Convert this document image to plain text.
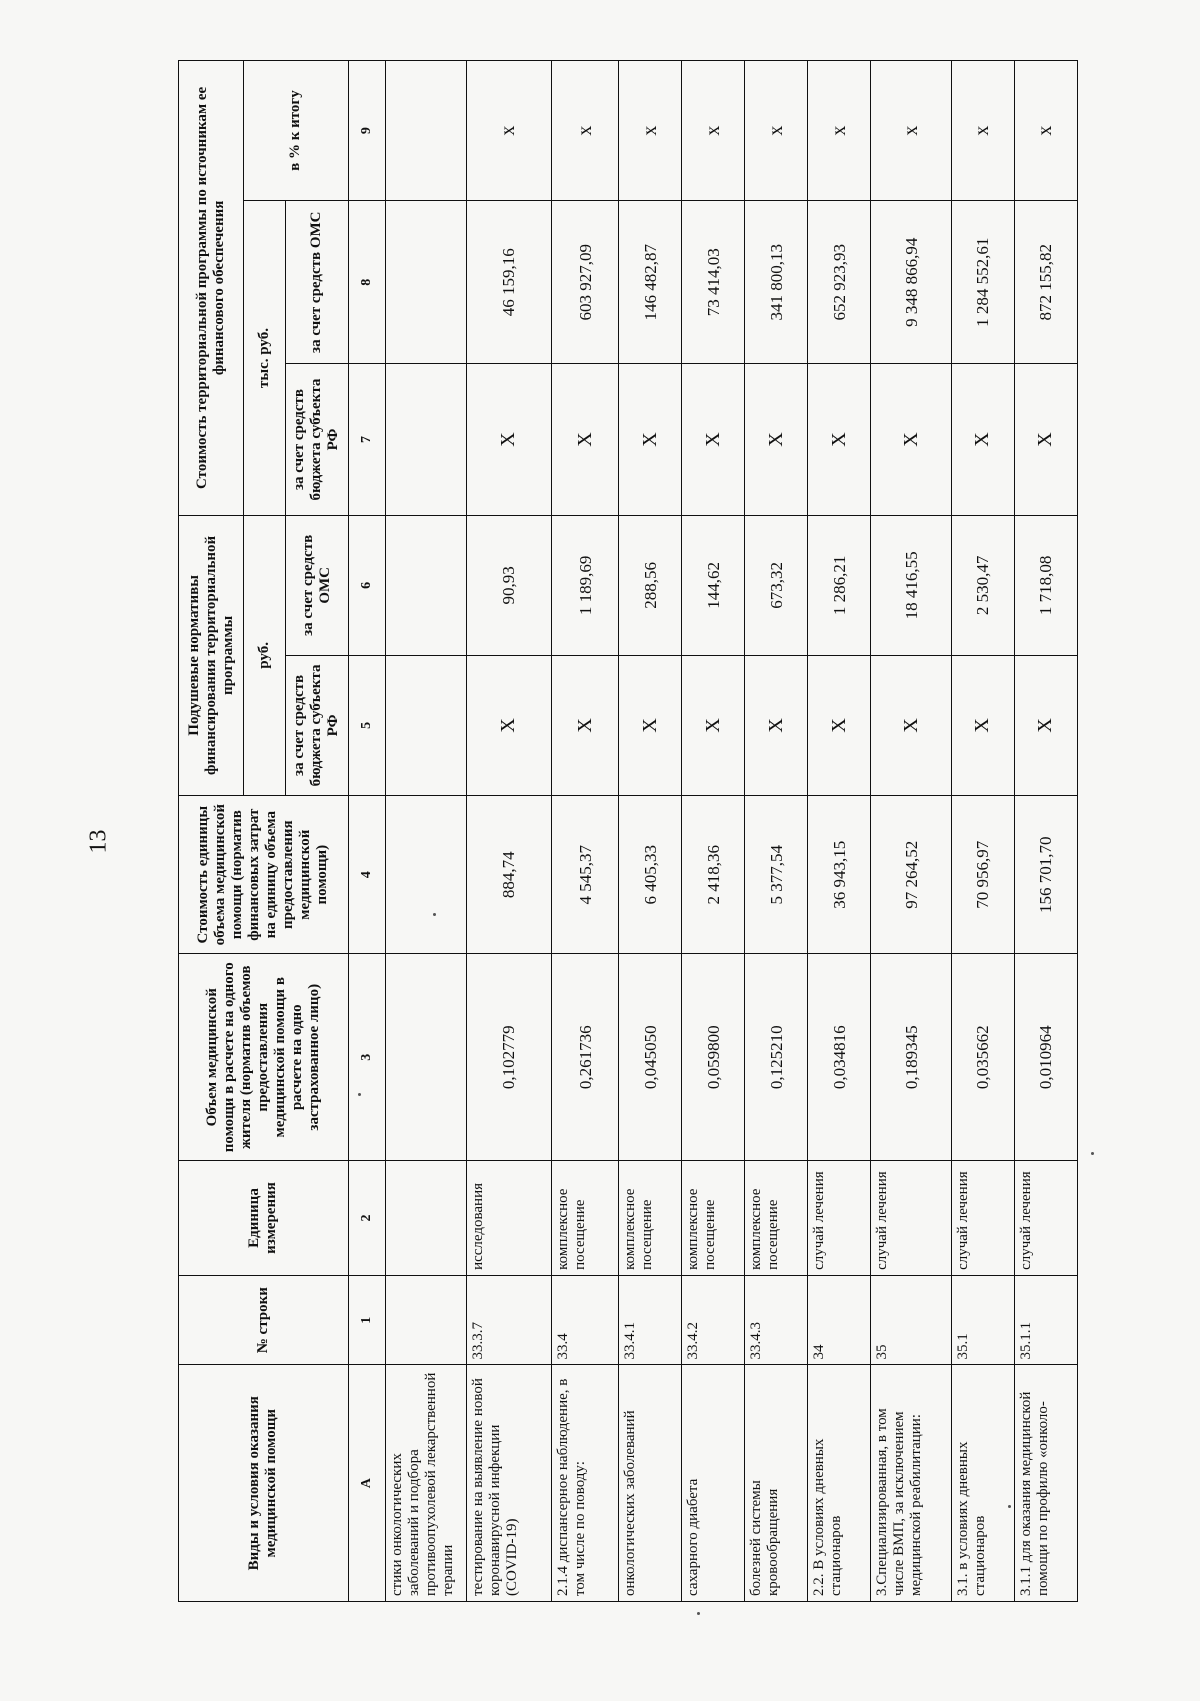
13
Виды и условия оказания медицинской помощи	№ строки	Единица измерения	Объем медицинской помощи в расчете на одного жителя (норматив объемов предоставления медицинской помощи в расчете на одно застрахованное лицо)	Стоимость единицы объема медицинской помощи (норматив финансовых затрат на единицу объема предоставления медицинской помощи)	Подушевые нормативы финансирования территориальной программы		Стоимость территориальной программы по источникам ее финансового обеспечения		
					руб.		тыс. руб.		в % к итогу
					за счет средств бюджета субъекта РФ	за счет средств ОМС	за счет средств бюджета субъекта РФ	за счет средств ОМС	
А	1	2	3	4	5	6	7	8	9
стики онкологических заболеваний и подбора противоопухолевой лекарственной терапии									
тестирование на выявление новой коронавирусной инфекции (COVID-19)	33.3.7	исследования	0,102779	884,74	Х	90,93	Х	46 159,16	х
2.1.4 диспансерное наблюдение, в том числе по поводу:	33.4	комплексное посещение	0,261736	4 545,37	Х	1 189,69	Х	603 927,09	х
онкологических заболеваний	33.4.1	комплексное посещение	0,045050	6 405,33	Х	288,56	Х	146 482,87	х
сахарного диабета	33.4.2	комплексное посещение	0,059800	2 418,36	Х	144,62	Х	73 414,03	х
болезней системы кровообращения	33.4.3	комплексное посещение	0,125210	5 377,54	Х	673,32	Х	341 800,13	х
2.2. В условиях дневных стационаров	34	случай лечения	0,034816	36 943,15	Х	1 286,21	Х	652 923,93	х
3.Специализированная, в том числе ВМП, за исключением медицинской реабилитации:	35	случай лечения	0,189345	97 264,52	Х	18 416,55	Х	9 348 866,94	х
3.1. в условиях дневных стационаров	35.1	случай лечения	0,035662	70 956,97	Х	2 530,47	Х	1 284 552,61	х
3.1.1 для оказания медицинской помощи по профилю «онколо-	35.1.1	случай лечения	0,010964	156 701,70	Х	1 718,08	Х	872 155,82	х
